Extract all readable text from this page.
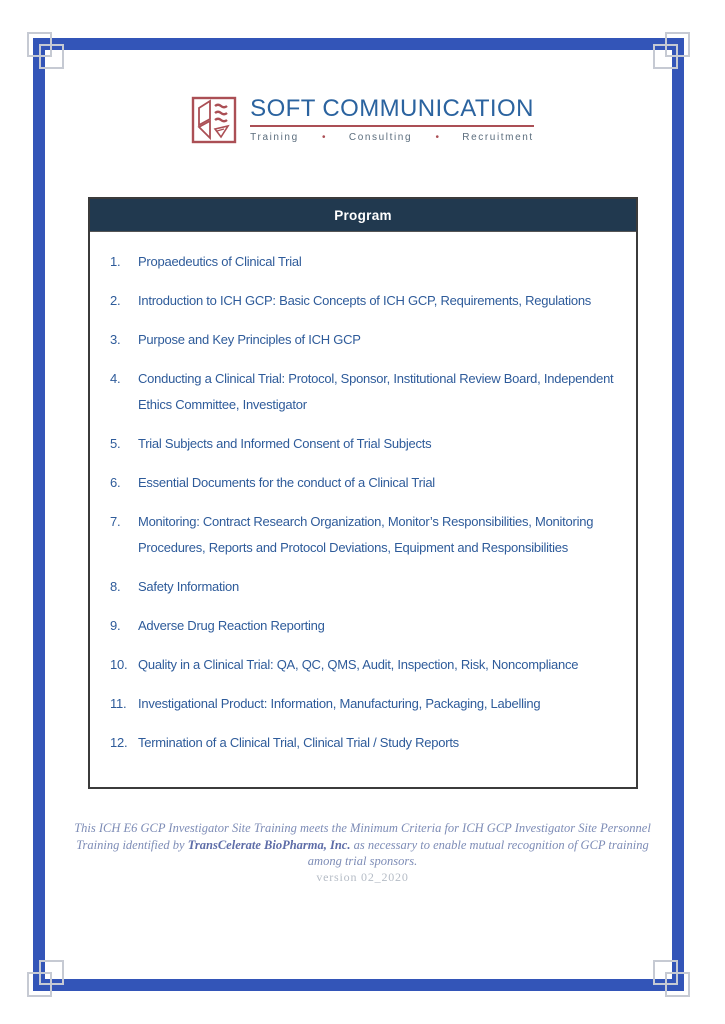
SOFT COMMUNICATION
Training	•	Consulting	•	Recruitment
Program
1.	Propaedeutics of Clinical Trial
2.	Introduction to ICH GCP: Basic Concepts of ICH GCP, Requirements, Regulations
3.	Purpose and Key Principles of ICH GCP
4.	Conducting a Clinical Trial: Protocol, Sponsor, Institutional Review Board, Independent Ethics Committee, Investigator
5.	Trial Subjects and Informed Consent of Trial Subjects
6.	Essential Documents for the conduct of a Clinical Trial
7.	Monitoring: Contract Research Organization, Monitor’s Responsibilities, Monitoring Procedures, Reports and Protocol Deviations, Equipment and Responsibilities
8.	Safety Information
9.	Adverse Drug Reaction Reporting
10. Quality in a Clinical Trial: QA, QC, QMS, Audit, Inspection, Risk, Noncompliance
11. Investigational Product: Information, Manufacturing, Packaging, Labelling
12. Termination of a Clinical Trial, Clinical Trial / Study Reports
This ICH E6 GCP Investigator Site Training meets the Minimum Criteria for ICH GCP Investigator Site Personnel Training identified by TransCelerate BioPharma, Inc. as necessary to enable mutual recognition of GCP training among trial sponsors.
version 02_2020
